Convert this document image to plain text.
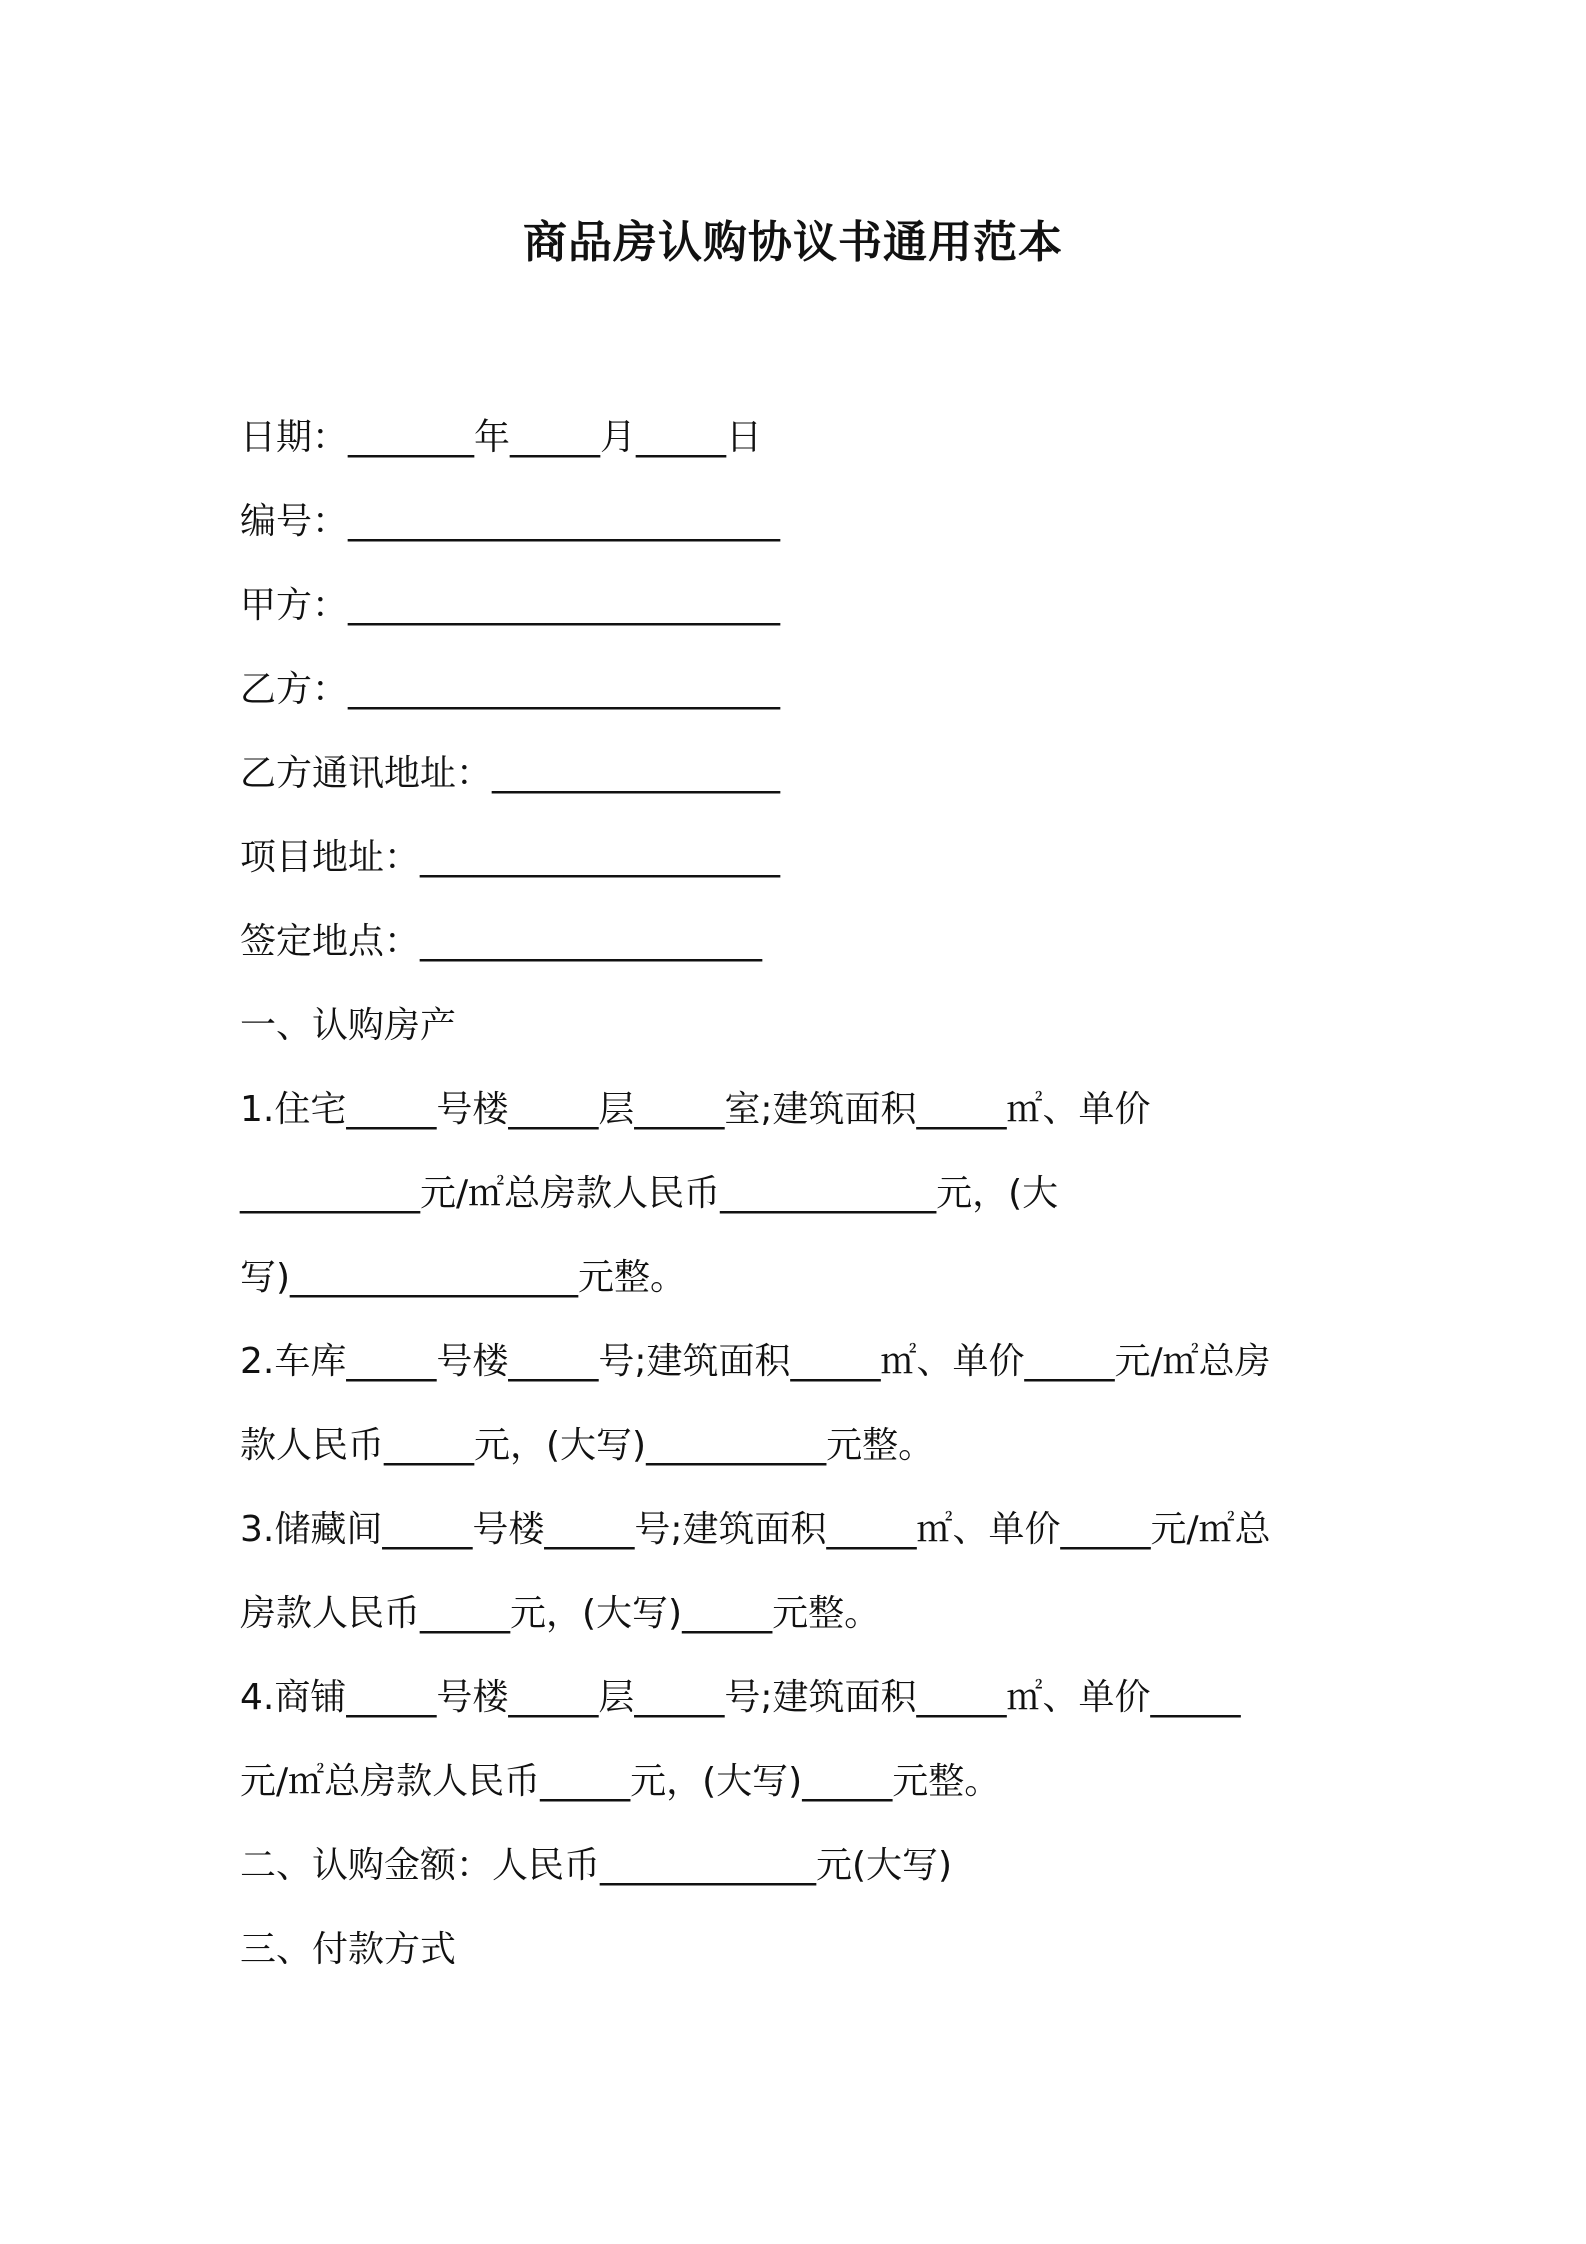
商品房认购协议书通用范本

日期：_______年_____月_____日

编号：________________________

甲方：________________________

乙方：________________________

乙方通讯地址：________________

项目地址：____________________

签定地点：___________________

一、认购房产

1.住宅_____号楼_____层_____室;建筑面积_____㎡、单价

__________元/㎡总房款人民币____________元，(大

写)________________元整。

2.车库_____号楼_____号;建筑面积_____㎡、单价_____元/㎡总房

款人民币_____元，(大写)__________元整。

3.储藏间_____号楼_____号;建筑面积_____㎡、单价_____元/㎡总

房款人民币_____元，(大写)_____元整。

4.商铺_____号楼_____层_____号;建筑面积_____㎡、单价_____

元/㎡总房款人民币_____元，(大写)_____元整。

二、认购金额：人民币____________元(大写)

三、付款方式
